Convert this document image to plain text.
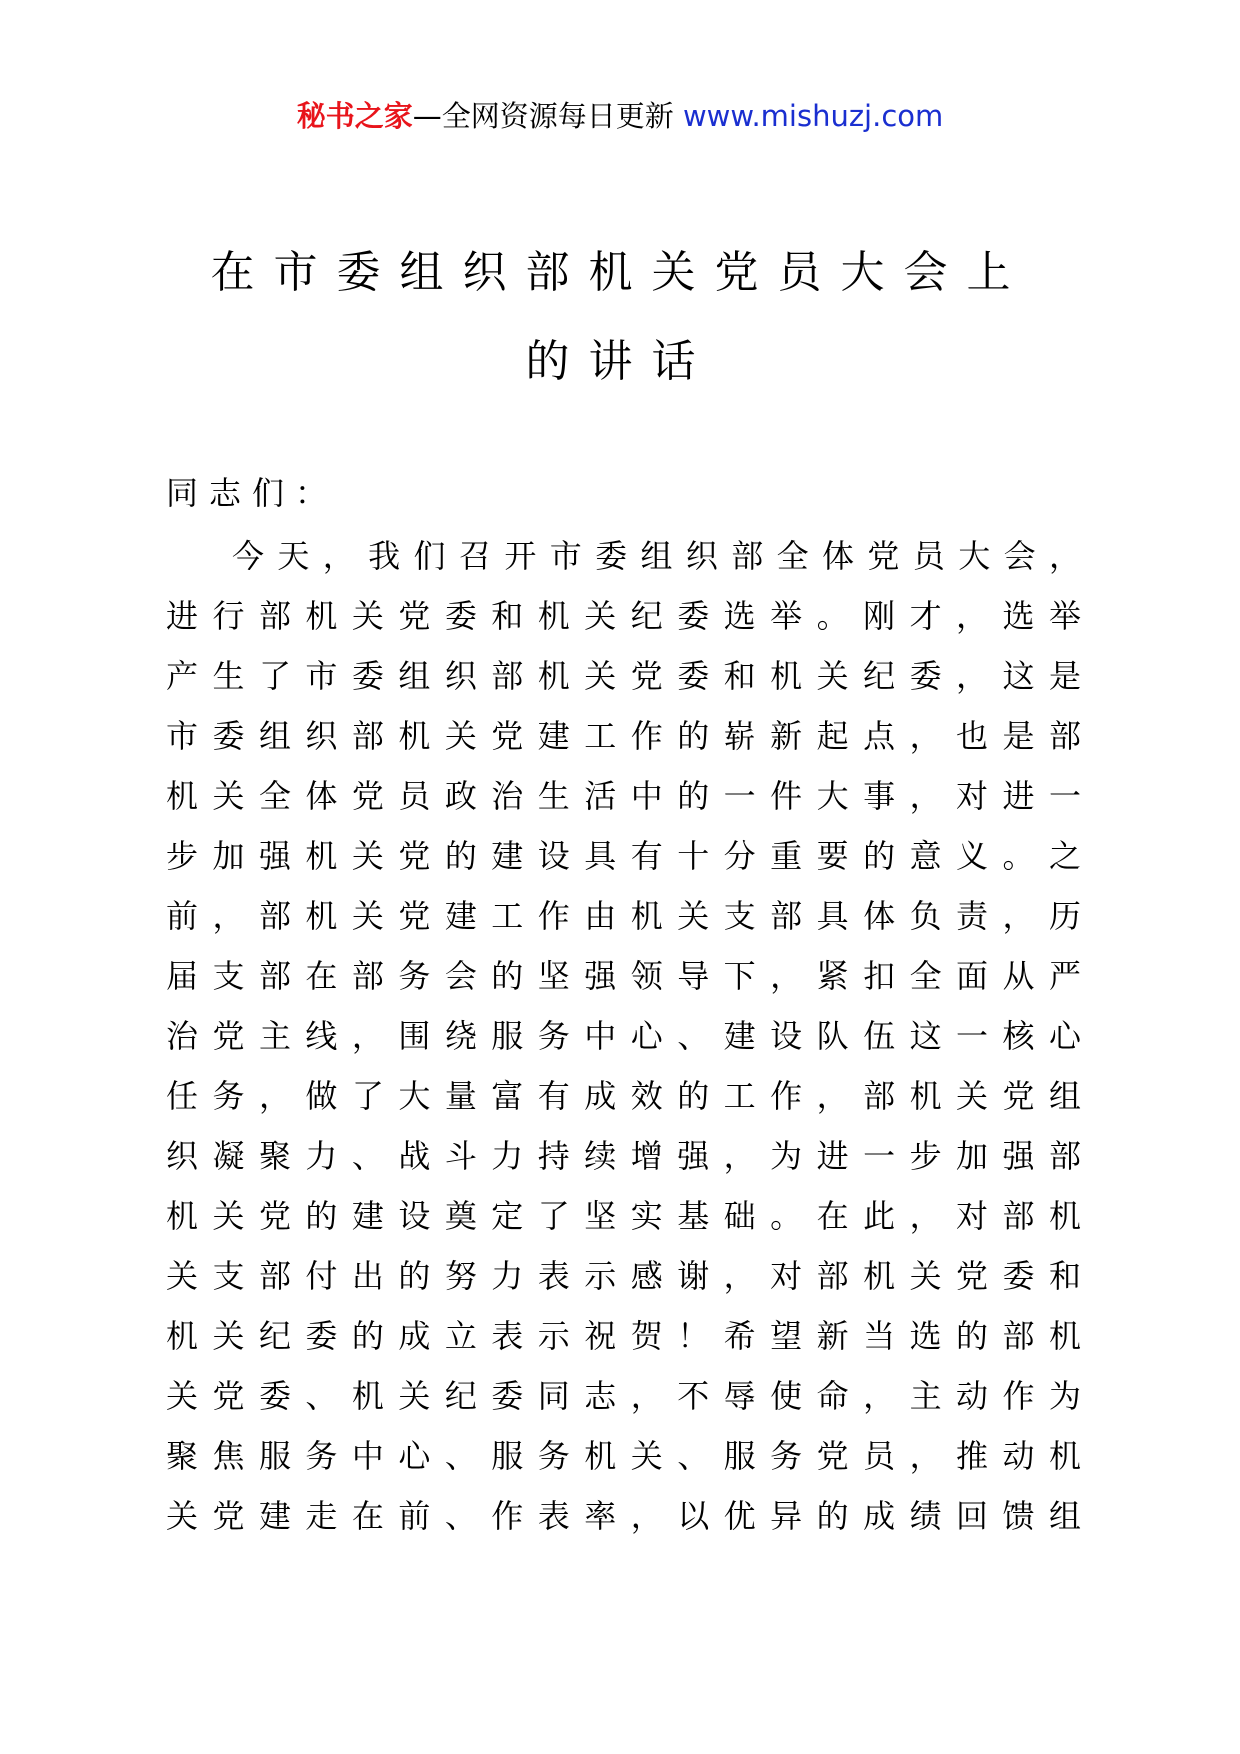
秘书之家—全网资源每日更新 www.mishuzj.com
在市委组织部机关党员大会上
的讲话
同志们：
今天，我们召开市委组织部全体党员大会，
进行部机关党委和机关纪委选举。刚才，选举
产生了市委组织部机关党委和机关纪委，这是
市委组织部机关党建工作的崭新起点，也是部
机关全体党员政治生活中的一件大事，对进一
步加强机关党的建设具有十分重要的意义。之
前，部机关党建工作由机关支部具体负责，历
届支部在部务会的坚强领导下，紧扣全面从严
治党主线，围绕服务中心、建设队伍这一核心
任务，做了大量富有成效的工作，部机关党组
织凝聚力、战斗力持续增强，为进一步加强部
机关党的建设奠定了坚实基础。在此，对部机
关支部付出的努力表示感谢，对部机关党委和
机关纪委的成立表示祝贺！希望新当选的部机
关党委、机关纪委同志，不辱使命，主动作为
聚焦服务中心、服务机关、服务党员，推动机
关党建走在前、作表率，以优异的成绩回馈组
